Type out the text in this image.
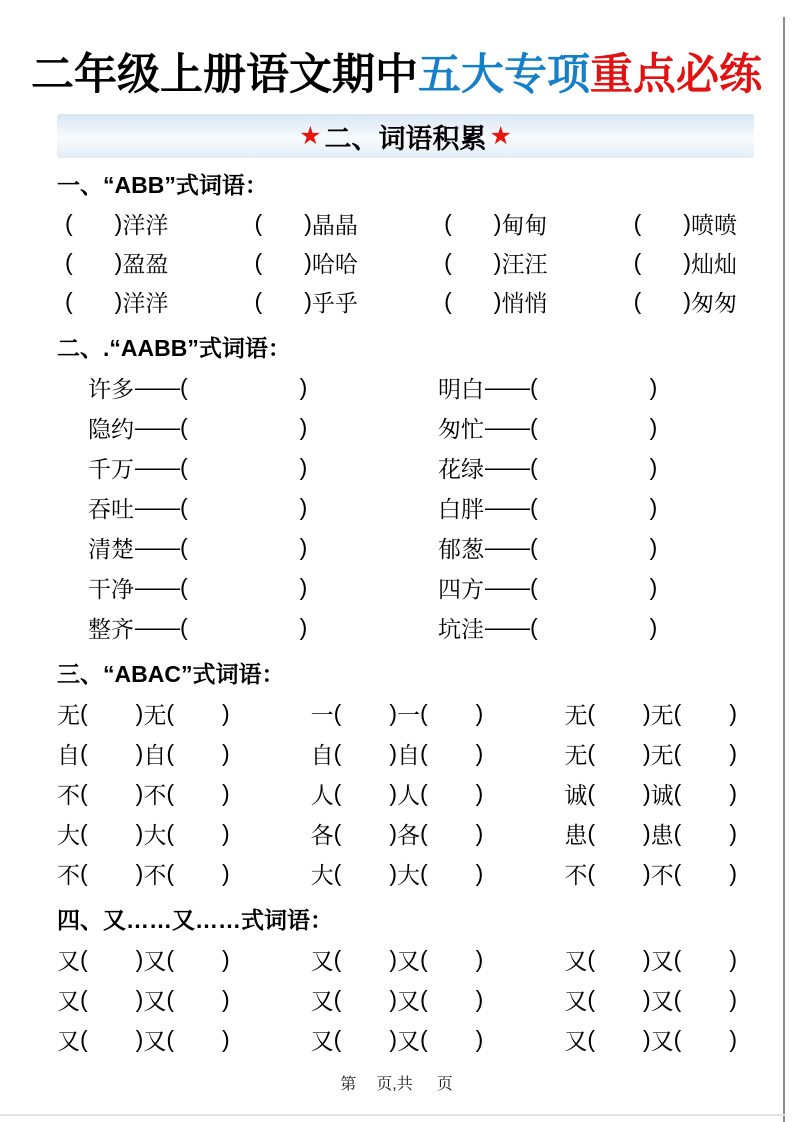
二年级上册语文期中五大专项重点必练
★ 二、词语积累 ★
一、“ABB”式词语：
( ) 洋洋	( ) 晶晶	( ) 甸甸	( ) 喷喷
( ) 盈盈	( ) 哈哈	( ) 汪汪	( ) 灿灿
( ) 洋洋	( ) 乎乎	( ) 悄悄	( ) 匆匆
二、.“AABB”式词语：
许多 —— (	)	明白 —— (	)
隐约 —— (	)	匆忙 —— (	)
千万 —— (	)	花绿 —— (	)
吞吐 —— (	)	白胖 —— (	)
清楚 —— (	)	郁葱 —— (	)
干净 —— (	)	四方 —— (	)
整齐 —— (	)	坑洼 —— (	)
三、“ABAC”式词语：
无 ( ) 无 ( )	一 ( ) 一 ( )	无 ( ) 无 ( )
自 ( ) 自 ( )	自 ( ) 自 ( )	无 ( ) 无 ( )
不 ( ) 不 ( )	人 ( ) 人 ( )	诚 ( ) 诚 ( )
大 ( ) 大 ( )	各 ( ) 各 ( )	患 ( ) 患 ( )
不 ( ) 不 ( )	大 ( ) 大 ( )	不 ( ) 不 ( )
四、又……又……式词语：
又 ( ) 又 ( )	又 ( ) 又 ( )	又 ( ) 又 ( )
又 ( ) 又 ( )	又 ( ) 又 ( )	又 ( ) 又 ( )
又 ( ) 又 ( )	又 ( ) 又 ( )	又 ( ) 又 ( )
第 页,共 页
